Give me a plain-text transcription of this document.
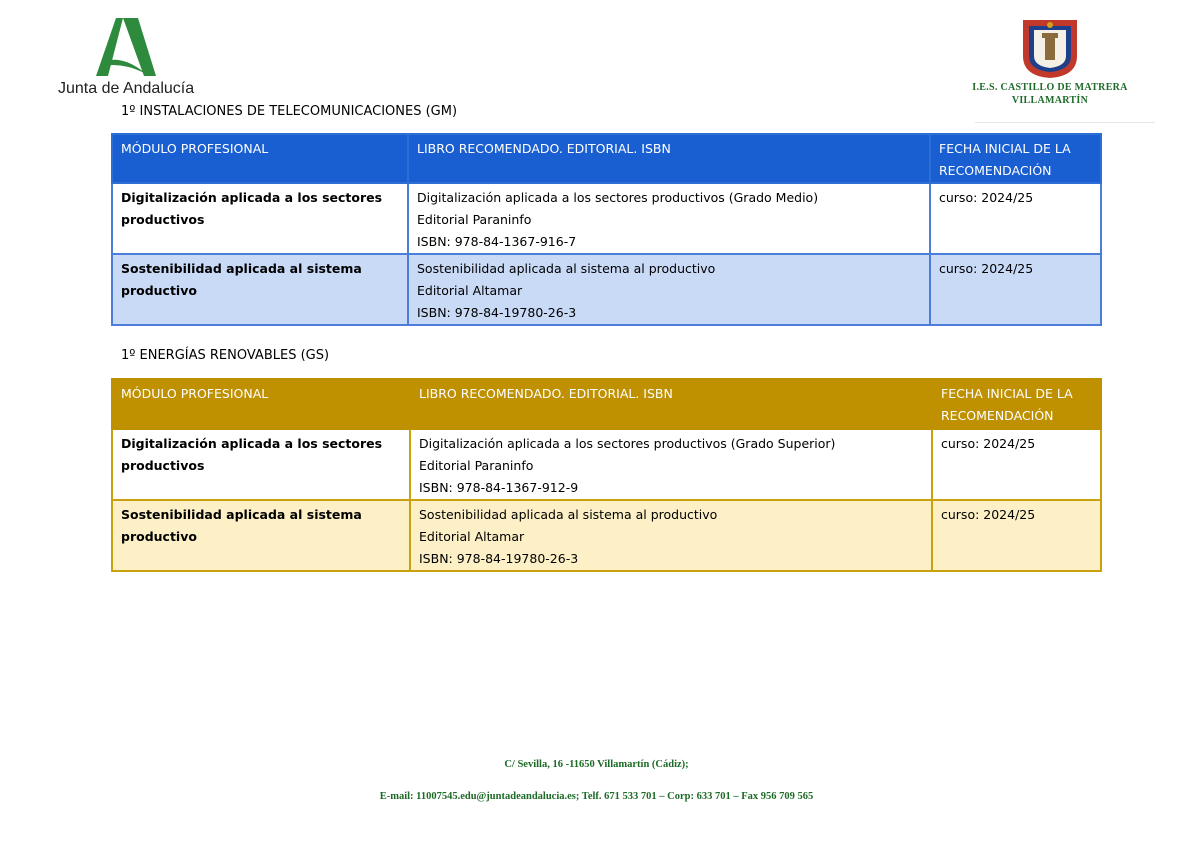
Junta de Andalucía	I.E.S. CASTILLO DE MATRERA
VILLAMARTÍN
1º INSTALACIONES DE TELECOMUNICACIONES (GM)
MÓDULO PROFESIONAL	LIBRO RECOMENDADO. EDITORIAL. ISBN	FECHA INICIAL DE LA RECOMENDACIÓN
Digitalización aplicada a los sectores productivos	Digitalización aplicada a los sectores productivos (Grado Medio)
Editorial Paraninfo
ISBN: 978-84-1367-916-7	curso: 2024/25
Sostenibilidad aplicada al sistema productivo	Sostenibilidad aplicada al sistema al productivo
Editorial Altamar
ISBN: 978-84-19780-26-3	curso: 2024/25
1º ENERGÍAS RENOVABLES (GS)
MÓDULO PROFESIONAL	LIBRO RECOMENDADO. EDITORIAL. ISBN	FECHA INICIAL DE LA RECOMENDACIÓN
Digitalización aplicada a los sectores productivos	Digitalización aplicada a los sectores productivos (Grado Superior)
Editorial Paraninfo
ISBN: 978-84-1367-912-9	curso: 2024/25
Sostenibilidad aplicada al sistema productivo	Sostenibilidad aplicada al sistema al productivo
Editorial Altamar
ISBN: 978-84-19780-26-3	curso: 2024/25
C/ Sevilla, 16 -11650 Villamartín (Cádiz);
E-mail: 11007545.edu@juntadeandalucia.es; Telf. 671 533 701 – Corp: 633 701 – Fax 956 709 565
